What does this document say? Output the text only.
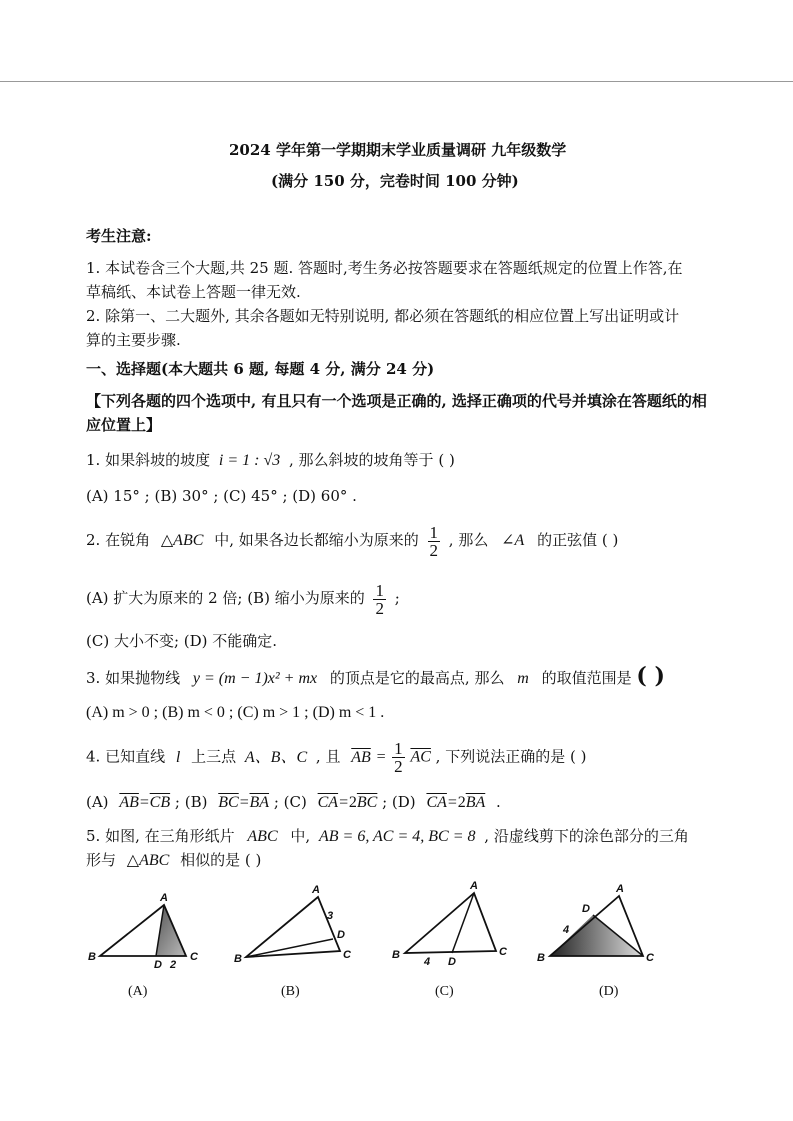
2024 学年第一学期期末学业质量调研 九年级数学
(满分 150 分，完卷时间 100 分钟)
考生注意:
1. 本试卷含三个大题,共 25 题. 答题时,考生务必按答题要求在答题纸规定的位置上作答,在
草稿纸、本试卷上答题一律无效.
2. 除第一、二大题外, 其余各题如无特别说明, 都必须在答题纸的相应位置上写出证明或计
算的主要步骤.
一、选择题(本大题共 6 题, 每题 4 分, 满分 24 分)
【下列各题的四个选项中, 有且只有一个选项是正确的, 选择正确项的代号并填涂在答题纸的相
应位置上】
1. 如果斜坡的坡度 i = 1 : √3 , 那么斜坡的坡角等于 ( )
(A) 15° ; (B) 30° ; (C) 45° ; (D) 60° .
2. 在锐角 △ABC 中, 如果各边长都缩小为原来的 $\frac{1}{2}$ , 那么 ∠A 的正弦值 ( )
(A) 扩大为原来的 2 倍; (B) 缩小为原来的 $\frac{1}{2}$ ;
(C) 大小不变; (D) 不能确定.
3. 如果抛物线 y = (m − 1)x² + mx 的顶点是它的最高点, 那么 m 的取值范围是 ( )
(A) m > 0 ; (B) m < 0 ; (C) m > 1 ; (D) m < 1 .
4. 已知直线 l 上三点 A、B、C , 且 $\overline{AB} = \frac{1}{2} \overline{AC}$ , 下列说法正确的是 ( )
(A) $\overline{AB}=\overline{CB}$ ; (B) $\overline{BC}=\overline{BA}$ ; (C) $\overline{CA}=2\overline{BC}$ ; (D) $\overline{CA}=2\overline{BA}$ .
5. 如图, 在三角形纸片 ABC 中, AB = 6, AC = 4, BC = 8 , 沿虚线剪下的涂色部分的三角
形与 △ABC 相似的是 ( )
A
B	C
D 2
A
B	C
D
3
A
B	C
D
4
A
B	C
D
4
(A)	(B)	(C)	(D)
